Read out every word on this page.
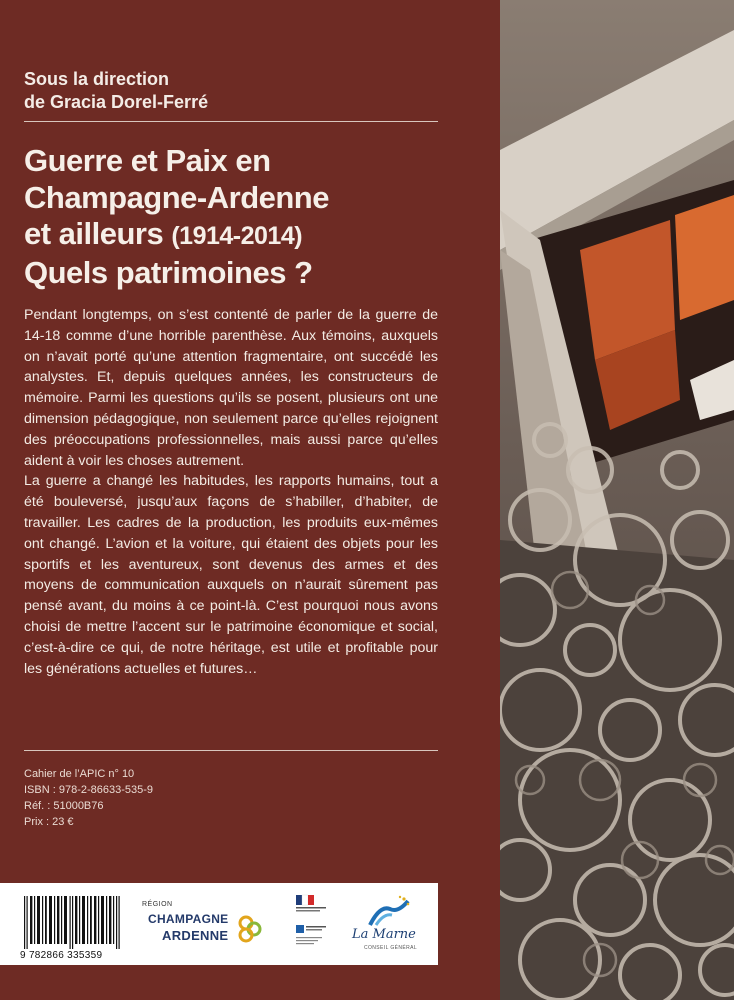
Sous la direction
de Gracia Dorel-Ferré
Guerre et Paix en
Champagne-Ardenne
et ailleurs (1914-2014)
Quels patrimoines ?

Pendant longtemps, on s’est contenté de parler de la guerre de 14-18 comme d’une horrible parenthèse. Aux témoins, auxquels on n’avait porté qu’une attention fragmentaire, ont succédé les analystes. Et, depuis quelques années, les constructeurs de mémoire. Parmi les questions qu’ils se posent, plusieurs ont une dimension pédagogique, non seulement parce qu’elles rejoignent des préoccupations professionnelles, mais aussi parce qu’elles aident à voir les choses autrement.

La guerre a changé les habitudes, les rapports humains, tout a été bouleversé, jusqu’aux façons de s’habiller, d’habiter, de travailler. Les cadres de la production, les produits eux-mêmes ont changé. L’avion et la voiture, qui étaient des objets pour les sportifs et les aventureux, sont devenus des armes et des moyens de communication auxquels on n’aurait sûrement pas pensé avant, du moins à ce point-là. C’est pourquoi nous avons choisi de mettre l’accent sur le patrimoine économique et social, c’est-à-dire ce qui, de notre héritage, est utile et profitable pour les générations actuelles et futures…

Cahier de l’APIC n° 10
ISBN : 978-2-86633-535-9
Réf. : 51000B76
Prix : 23 €
9 782866 335359
RÉGION
CHAMPAGNE
ARDENNE	La Marne
CONSEIL GÉNÉRAL
